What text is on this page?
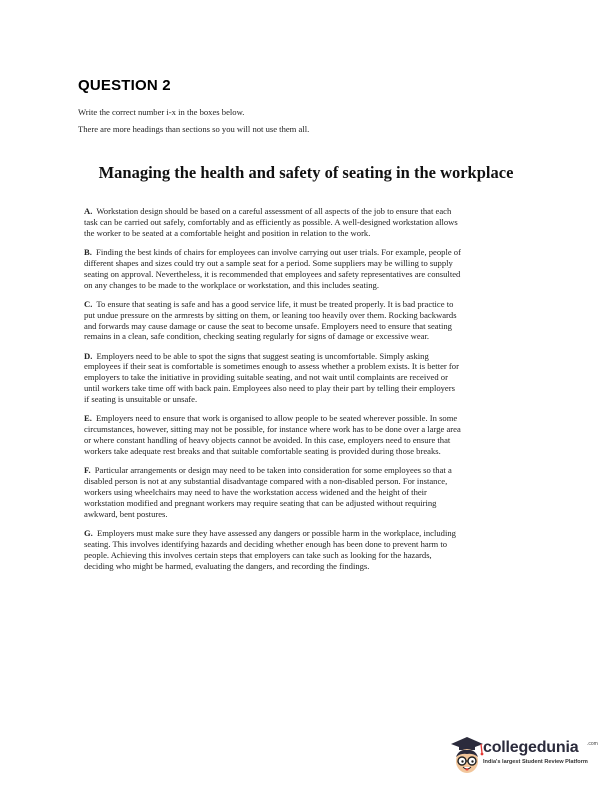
QUESTION 2
Write the correct number i-x in the boxes below.
There are more headings than sections so you will not use them all.
Managing the health and safety of seating in the workplace

A. Workstation design should be based on a careful assessment of all aspects of the job to ensure that each task can be carried out safely, comfortably and as efficiently as possible. A well-designed workstation allows the worker to be seated at a comfortable height and position in relation to the work.

B. Finding the best kinds of chairs for employees can involve carrying out user trials. For example, people of different shapes and sizes could try out a sample seat for a period. Some suppliers may be willing to supply seating on approval. Nevertheless, it is recommended that employees and safety representatives are consulted on any changes to be made to the workplace or workstation, and this includes seating.

C. To ensure that seating is safe and has a good service life, it must be treated properly. It is bad practice to put undue pressure on the armrests by sitting on them, or leaning too heavily over them. Rocking backwards and forwards may cause damage or cause the seat to become unsafe. Employers need to ensure that seating remains in a clean, safe condition, checking seating regularly for signs of damage or excessive wear.

D. Employers need to be able to spot the signs that suggest seating is uncomfortable. Simply asking employees if their seat is comfortable is sometimes enough to assess whether a problem exists. It is better for employers to take the initiative in providing suitable seating, and not wait until complaints are received or until workers take time off with back pain. Employees also need to play their part by telling their employers if seating is unsuitable or unsafe.

E. Employers need to ensure that work is organised to allow people to be seated wherever possible. In some circumstances, however, sitting may not be possible, for instance where work has to be done over a large area or where constant handling of heavy objects cannot be avoided. In this case, employers need to ensure that workers take adequate rest breaks and that suitable comfortable seating is provided during those breaks.

F. Particular arrangements or design may need to be taken into consideration for some employees so that a disabled person is not at any substantial disadvantage compared with a non-disabled person. For instance, workers using wheelchairs may need to have the workstation access widened and the height of their workstation modified and pregnant workers may require seating that can be adjusted without requiring awkward, bent postures.

G. Employers must make sure they have assessed any dangers or possible harm in the workplace, including seating. This involves identifying hazards and deciding whether enough has been done to prevent harm to people. Achieving this involves certain steps that employers can take such as looking for the hazards, deciding who might be harmed, evaluating the dangers, and recording the findings.

collegedunia .com
India's largest Student Review Platform
